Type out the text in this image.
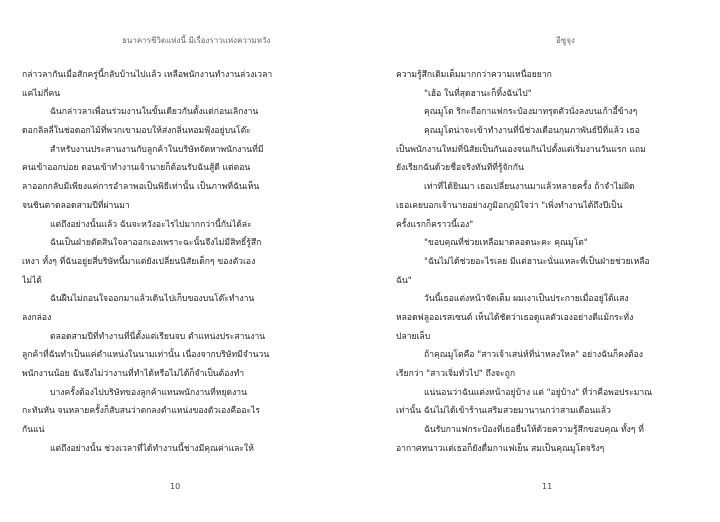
ธนาคารชีวิตแห่งนี้ มีเรื่องราวแห่งความหวัง
กล่าวลากันเมื่อสักครู่นี้กลับบ้านไปแล้ว เหลือพนักงานทำงานล่วงเวลา
แค่ไม่กี่คน
ฉันกล่าวลาเพื่อนร่วมงานในขั้นเดียวกันตั้งแต่ก่อนเลิกงาน
ดอกลิลลี่ในช่อดอกไม้ที่พวกเขามอบให้ส่งกลิ่นหอมฟุ้งอยู่บนโต๊ะ
สำหรับงานประสานงานกับลูกค้าในบริษัทจัดหาพนักงานที่มี
คนเข้าออกบ่อย ตอนเข้าทำงานเจ้านายก็ต้อนรับฉันสู้ดี แต่ตอน
ลาออกกลับมีเพียงแค่การอำลาพอเป็นพิธีเท่านั้น เป็นภาพที่ฉันเห็น
จนชินตาตลอดสามปีที่ผ่านมา
แต่ถึงอย่างนั้นแล้ว ฉันจะหวังอะไรไปมากกว่านี้กันได้ล่ะ
ฉันเป็นฝ่ายตัดสินใจลาออกเองเพราะฉะนั้นจึงไม่มีสิทธิ์รู้สึก
เหงา ทั้งๆ ที่ฉันอยู่ยสี่บริษัทนี้มาแต่ยังเปลี่ยนนิสัยเด็กๆ ของตัวเอง
ไม่ได้
ฉันฝืนไม่ถอนใจออกมาแล้วเดินไปเก็บของบนโต๊ะทำงาน
ลงกล่อง
ตลอดสามปีที่ทำงานที่นี่ตั้งแต่เรียนจบ ตำแหน่งประสานงาน
ลูกค้าที่ฉันทำเป็นแค่ตำแหน่งในนามเท่านั้น เนื่องจากบริษัทมีจำนวน
พนักงานน้อย ฉันจึงไม่ว่างานที่ทำได้หรือไม่ได้ก็จำเป็นต้องทำ
บางครั้งต้องไปบริษัทของลูกค้าแทนพนักงานที่หยุดงาน
กะทันหัน จนหลายครั้งก็สับสนว่าตกลงตำแหน่งของตัวเองคืออะไร
กันแน่
แต่ถึงอย่างนั้น ช่วงเวลาที่ได้ทำงานนี้ช่างมีคุณค่าและให้
10
อีซูจุง
ความรู้สึกเติมเต็มมากกว่าความเหนื่อยยาก
"เฮ้อ ในที่สุดฮานะก็ทิ้งฉันไป"
คุณมูโต ริกะถือกาแฟกระป๋องมาทรุดตัวนั่งลงบนเก้าอี้ข้างๆ
คุณมูโตน่าจะเข้าทำงานที่นี่ช่วงเดือนกุมภาพันธ์ปีที่แล้ว เธอ
เป็นพนักงานใหม่ที่นิสัยเป็นกันเองจนเกินไปตั้งแต่เริ่มงานวันแรก แถม
ยังเรียกฉันด้วยชื่อจริงทันทีที่รู้จักกัน
เท่าที่ได้ยินมา เธอเปลี่ยนงานมาแล้วหลายครั้ง ถ้าจำไม่ผิด
เธอเคยบอกเจ้านายอย่างภูมิอกภูมิใจว่า "เพิ่งทำงานได้ถึงปีเป็น
ครั้งแรกก็คราวนี้เอง"
"ขอบคุณที่ช่วยเหลือมาตลอดนะคะ คุณมูโต"
"ฉันไม่ได้ช่วยอะไรเลย มีแต่ฮานะนั่นแหละที่เป็นฝ่ายช่วยเหลือ
ฉัน"
วันนี้เธอแต่งหน้าจัดเต็ม ผมเงาเป็นประกายเมื่ออยู่ใต้แสง
หลอดฟลูออเรสเซนต์ เห็นได้ชัดว่าเธอดูแลตัวเองอย่างดีแม้กระทั่ง
ปลายเล็บ
ถ้าคุณมูโตคือ "สาวเจ้าเสน่ห์ที่น่าหลงใหล" อย่างฉันก็คงต้อง
เรียกว่า "สาวเจิ่มทั่วไป" ถึงจะถูก
แน่นอนว่าฉันแต่งหน้าอยู่บ้าง แต่ "อยู่บ้าง" ที่ว่าคือพอประมาณ
เท่านั้น ฉันไม่ได้เข้าร้านเสริมสวยมานานกว่าสามเดือนแล้ว
ฉันรับกาแฟกระป๋องที่เธอยื่นให้ด้วยความรู้สึกขอบคุณ ทั้งๆ ที่
อากาศหนาวแต่เธอก็ยังดื่มกาแฟเย็น สมเป็นคุณมูโตจริงๆ
11
